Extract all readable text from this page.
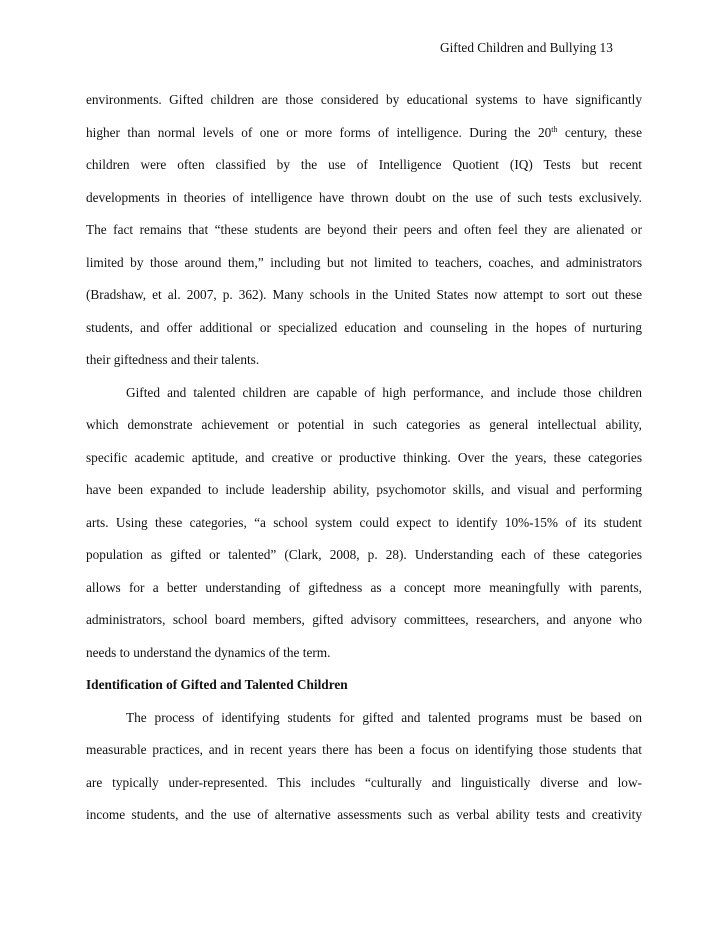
Gifted Children and Bullying 13
environments. Gifted children are those considered by educational systems to have significantly
higher than normal levels of one or more forms of intelligence. During the 20th century, these
children were often classified by the use of Intelligence Quotient (IQ) Tests but recent
developments in theories of intelligence have thrown doubt on the use of such tests exclusively.
The fact remains that “these students are beyond their peers and often feel they are alienated or
limited by those around them,” including but not limited to teachers, coaches, and administrators
(Bradshaw, et al. 2007, p. 362). Many schools in the United States now attempt to sort out these
students, and offer additional or specialized education and counseling in the hopes of nurturing
their giftedness and their talents.
Gifted and talented children are capable of high performance, and include those children
which demonstrate achievement or potential in such categories as general intellectual ability,
specific academic aptitude, and creative or productive thinking. Over the years, these categories
have been expanded to include leadership ability, psychomotor skills, and visual and performing
arts. Using these categories, “a school system could expect to identify 10%-15% of its student
population as gifted or talented” (Clark, 2008, p. 28). Understanding each of these categories
allows for a better understanding of giftedness as a concept more meaningfully with parents,
administrators, school board members, gifted advisory committees, researchers, and anyone who
needs to understand the dynamics of the term.
Identification of Gifted and Talented Children
The process of identifying students for gifted and talented programs must be based on
measurable practices, and in recent years there has been a focus on identifying those students that
are typically under-represented. This includes “culturally and linguistically diverse and low-
income students, and the use of alternative assessments such as verbal ability tests and creativity
